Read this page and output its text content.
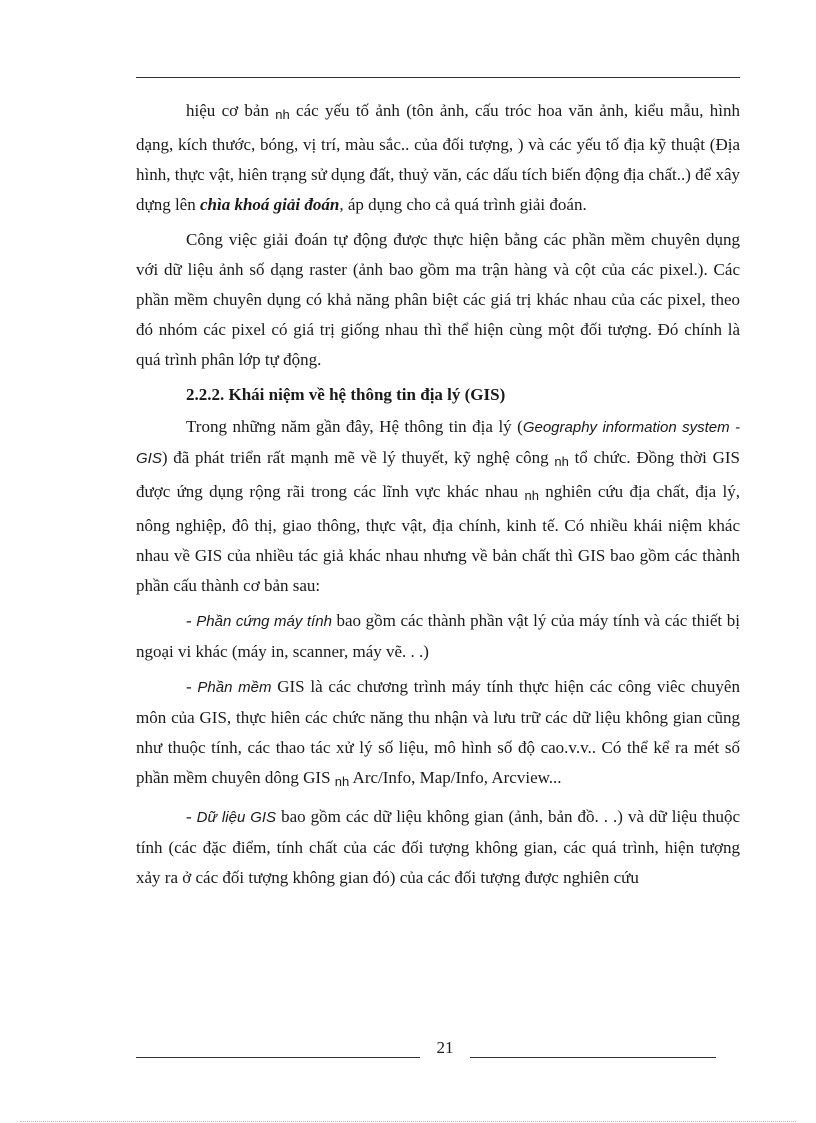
hiệu cơ bản $_{nh}$ các yếu tố ảnh (tôn ảnh, cấu tróc hoa văn ảnh, kiểu mẫu, hình dạng, kích thước, bóng, vị trí, màu sắc.. của đối tượng, ) và các yếu tố địa kỹ thuật (Địa hình, thực vật, hiên trạng sử dụng đất, thuỷ văn, các dấu tích biến động địa chất..) để xây dựng lên chìa khoá giải đoán, áp dụng cho cả quá trình giải đoán.

Công việc giải đoán tự động được thực hiện bằng các phần mềm chuyên dụng với dữ liệu ảnh số dạng raster (ảnh bao gồm ma trận hàng và cột của các pixel.). Các phần mềm chuyên dụng có khả năng phân biệt các giá trị khác nhau của các pixel, theo đó nhóm các pixel có giá trị giống nhau thì thể hiện cùng một đối tượng. Đó chính là quá trình phân lớp tự động.

2.2.2. Khái niệm về hệ thông tin địa lý (GIS)

Trong những năm gần đây, Hệ thông tin địa lý (Geography information system - GIS) đã phát triển rất mạnh mẽ về lý thuyết, kỹ nghệ công $_{nh}$ tổ chức. Đồng thời GIS được ứng dụng rộng rãi trong các lĩnh vực khác nhau $_{nh}$ nghiên cứu địa chất, địa lý, nông nghiệp, đô thị, giao thông, thực vật, địa chính, kinh tế. Có nhiều khái niệm khác nhau về GIS của nhiều tác giả khác nhau nhưng về bản chất thì GIS bao gồm các thành phần cấu thành cơ bản sau:

- Phần cứng máy tính bao gồm các thành phần vật lý của máy tính và các thiết bị ngoại vi khác (máy in, scanner, máy vẽ. . .)

- Phần mềm GIS là các chương trình máy tính thực hiện các công viêc chuyên môn của GIS, thực hiên các chức năng thu nhận và lưu trữ các dữ liệu không gian cũng như thuộc tính, các thao tác xử lý số liệu, mô hình số độ cao.v.v.. Có thể kể ra mét số phần mềm chuyên dông GIS $_{nh}$ Arc/Info, Map/Info, Arcview...

- Dữ liệu GIS bao gồm các dữ liệu không gian (ảnh, bản đồ. . .) và dữ liệu thuộc tính (các đặc điểm, tính chất của các đối tượng không gian, các quá trình, hiện tượng xảy ra ở các đối tượng không gian đó) của các đối tượng được nghiên cứu

21
